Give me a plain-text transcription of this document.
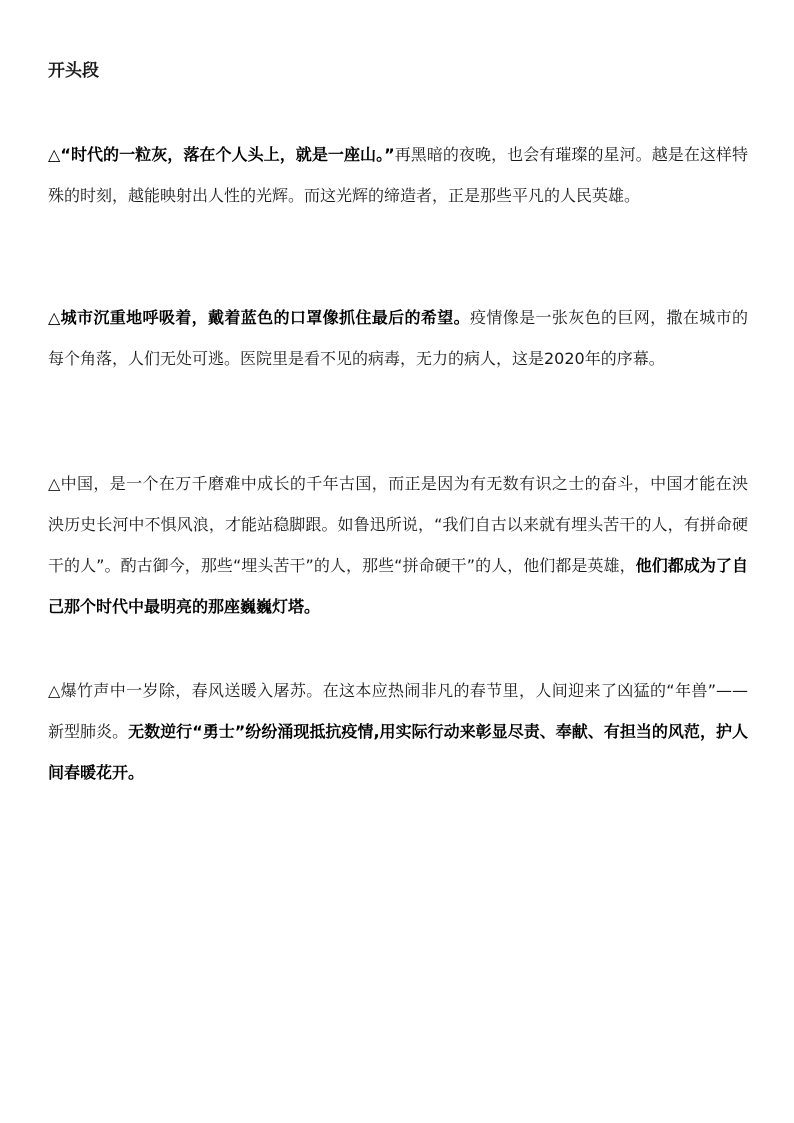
开头段

△“时代的一粒灰，落在个人头上，就是一座山。”再黑暗的夜晚，也会有璀璨的星河。越是在这样特殊的时刻，越能映射出人性的光辉。而这光辉的缔造者，正是那些平凡的人民英雄。

△城市沉重地呼吸着，戴着蓝色的口罩像抓住最后的希望。疫情像是一张灰色的巨网，撒在城市的每个角落，人们无处可逃。医院里是看不见的病毒，无力的病人，这是2020年的序幕。

△中国，是一个在万千磨难中成长的千年古国，而正是因为有无数有识之士的奋斗，中国才能在泱泱历史长河中不惧风浪，才能站稳脚跟。如鲁迅所说，“我们自古以来就有埋头苦干的人，有拼命硬干的人”。酌古御今，那些“埋头苦干”的人，那些“拼命硬干”的人，他们都是英雄，他们都成为了自己那个时代中最明亮的那座巍巍灯塔。

△爆竹声中一岁除，春风送暖入屠苏。在这本应热闹非凡的春节里，人间迎来了凶猛的“年兽”——新型肺炎。无数逆行“勇士”纷纷涌现抵抗疫情,用实际行动来彰显尽责、奉献、有担当的风范，护人间春暖花开。
